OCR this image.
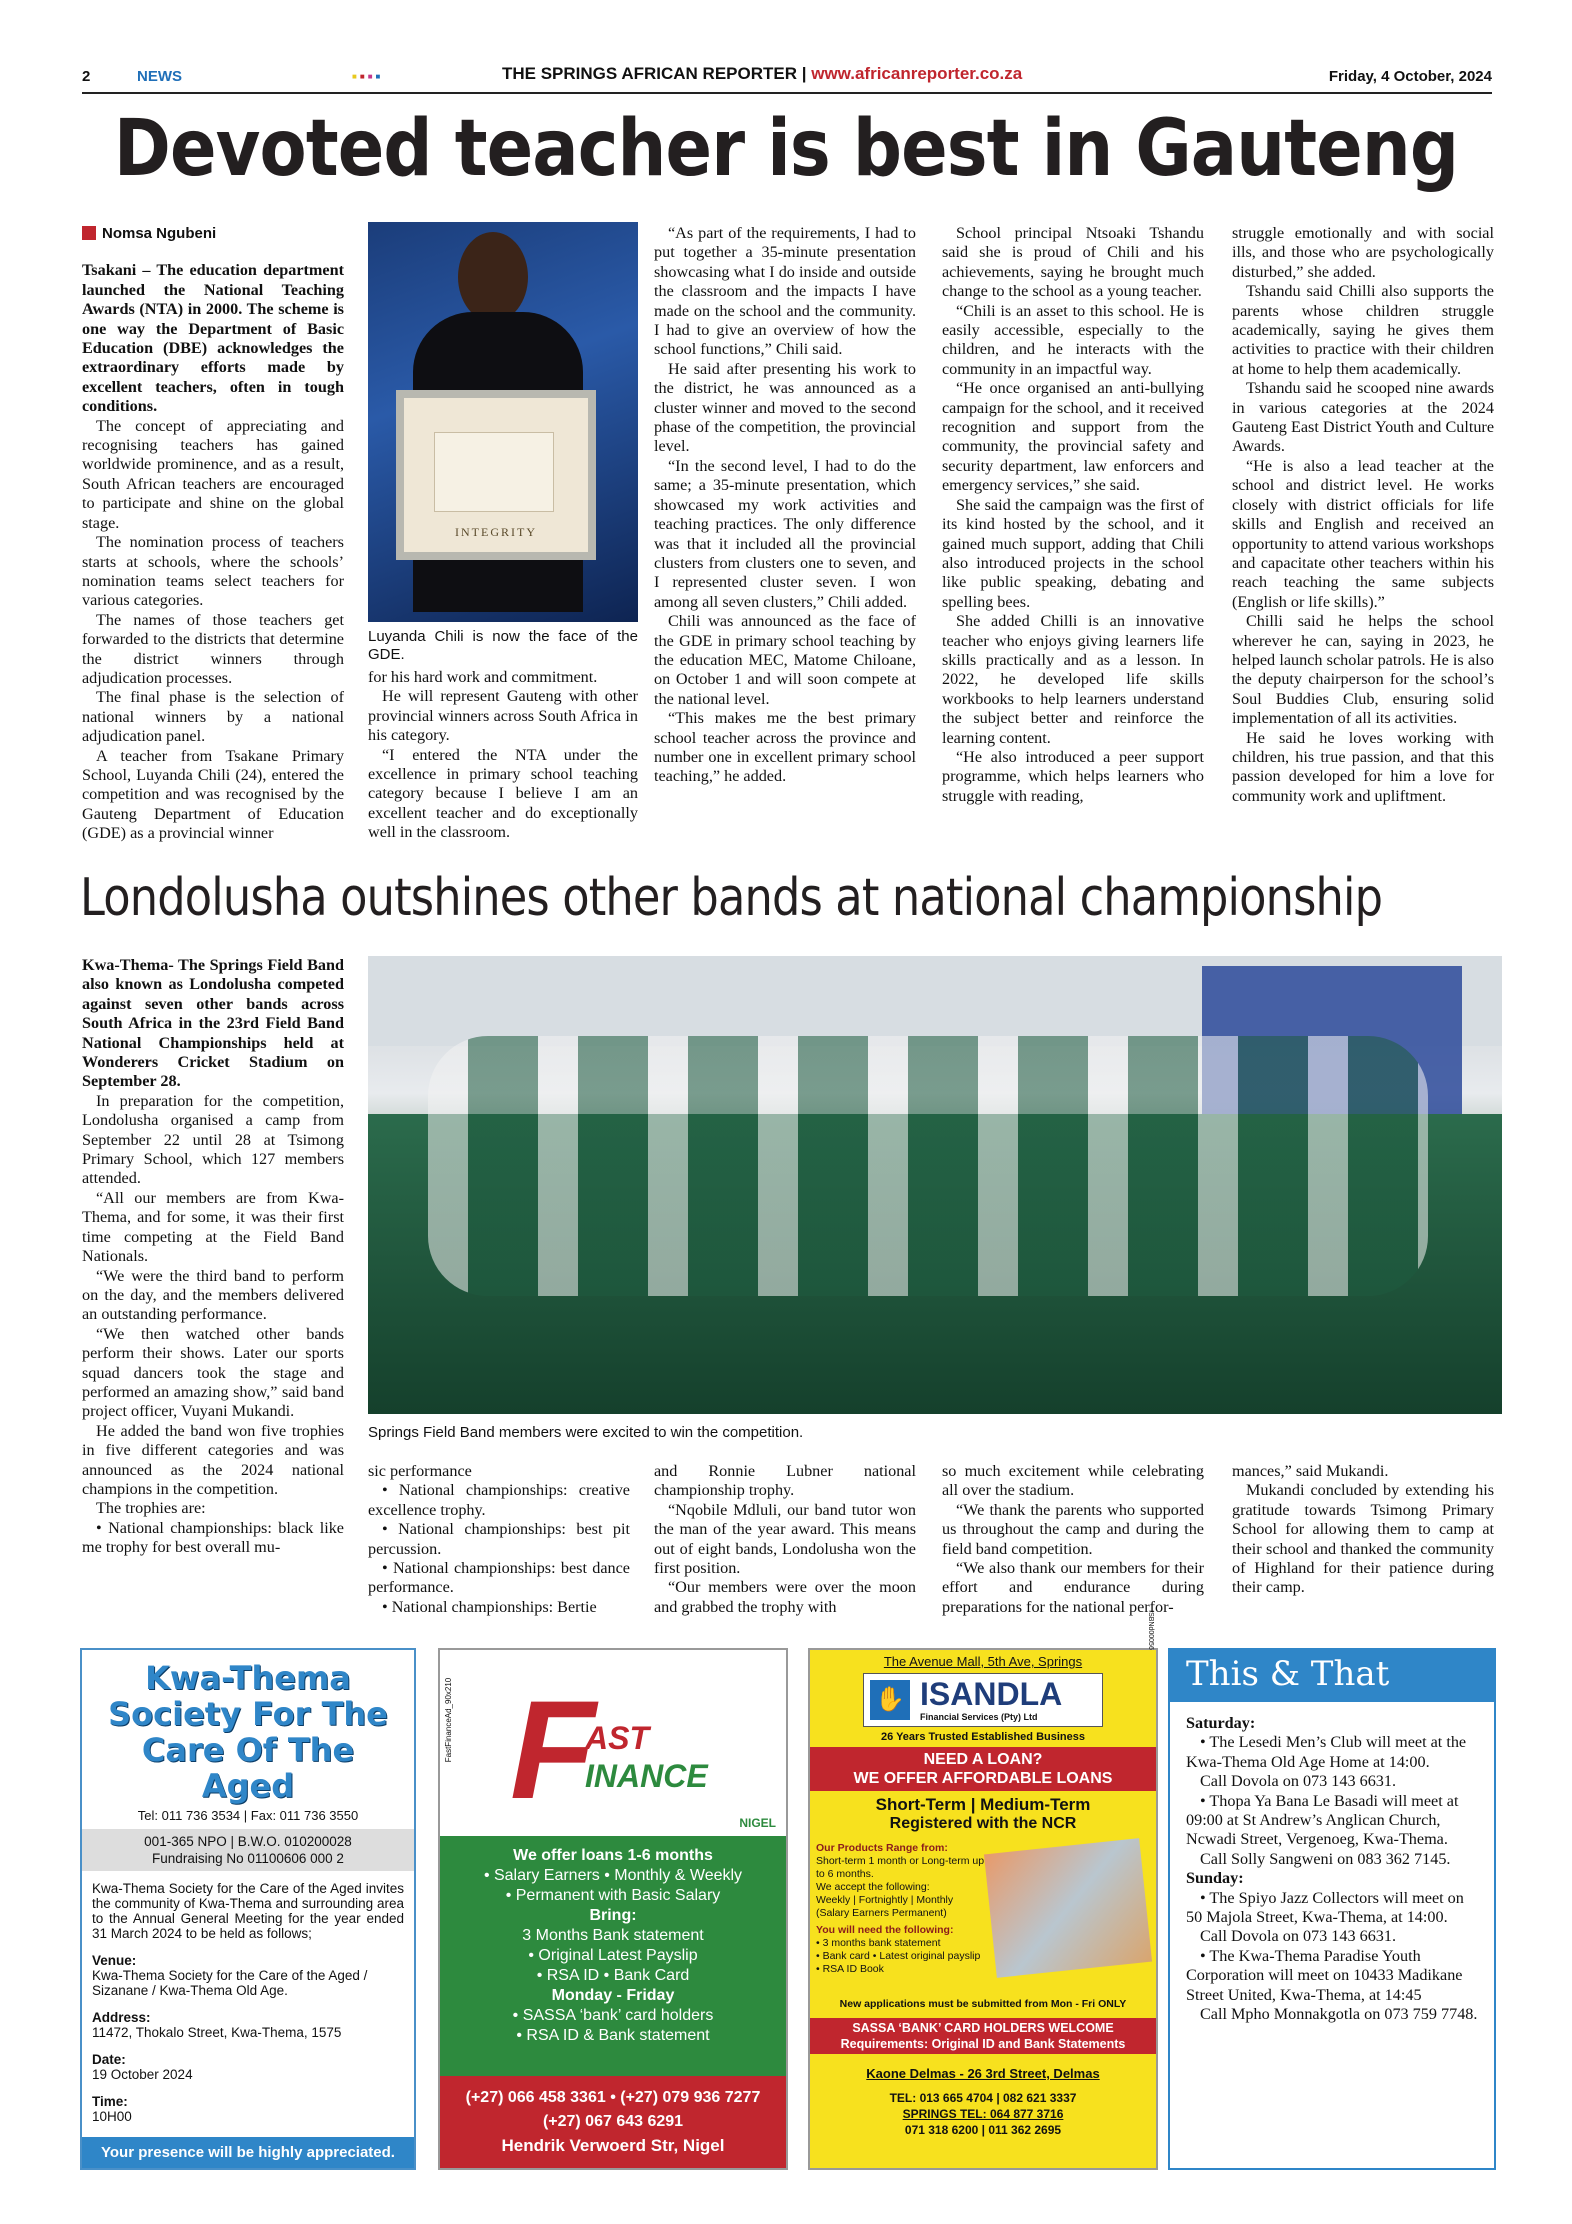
2	NEWS	■■■■	THE SPRINGS AFRICAN REPORTER | www.africanreporter.co.za	Friday, 4 October, 2024
Devoted teacher is best in Gauteng

Nomsa Ngubeni

Tsakani – The education department launched the National Teaching Awards (NTA) in 2000. The scheme is one way the Department of Basic Education (DBE) acknowledges the extraordinary efforts made by excellent teachers, often in tough conditions.

The concept of appreciating and recognising teachers has gained worldwide prominence, and as a result, South African teachers are encouraged to participate and shine on the global stage.

The nomination process of teachers starts at schools, where the schools’ nomination teams select teachers for various categories.

The names of those teachers get forwarded to the districts that determine the district winners through adjudication processes.

The final phase is the selection of national winners by a national adjudication panel.

A teacher from Tsakane Primary School, Luyanda Chili (24), entered the competition and was recognised by the Gauteng Department of Education (GDE) as a provincial winner

INTEGRITY

Luyanda Chili is now the face of the GDE.

for his hard work and commitment.

He will represent Gauteng with other provincial winners across South Africa in his category.

“I entered the NTA under the excellence in primary school teaching category because I believe I am an excellent teacher and do exceptionally well in the classroom.

“As part of the requirements, I had to put together a 35-minute presentation showcasing what I do inside and outside the classroom and the impacts I have made on the school and the community. I had to give an overview of how the school functions,” Chili said.

He said after presenting his work to the district, he was announced as a cluster winner and moved to the second phase of the competition, the provincial level.

“In the second level, I had to do the same; a 35-minute presentation, which showcased my work activities and teaching practices. The only difference was that it included all the provincial clusters from clusters one to seven, and I represented cluster seven. I won among all seven clusters,” Chili added.

Chili was announced as the face of the GDE in primary school teaching by the education MEC, Matome Chiloane, on October 1 and will soon compete at the national level.

“This makes me the best primary school teacher across the province and number one in excellent primary school teaching,” he added.

School principal Ntsoaki Tshandu said she is proud of Chili and his achievements, saying he brought much change to the school as a young teacher.

“Chili is an asset to this school. He is easily accessible, especially to the children, and he interacts with the community in an impactful way.

“He once organised an anti-bullying campaign for the school, and it received recognition and support from the community, the provincial safety and security department, law enforcers and emergency services,” she said.

She said the campaign was the first of its kind hosted by the school, and it gained much support, adding that Chili also introduced projects in the school like public speaking, debating and spelling bees.

She added Chilli is an innovative teacher who enjoys giving learners life skills practically and as a lesson. In 2022, he developed life skills workbooks to help learners understand the subject better and reinforce the learning content.

“He also introduced a peer support programme, which helps learners who struggle with reading,

struggle emotionally and with social ills, and those who are psychologically disturbed,” she added.

Tshandu said Chilli also supports the parents whose children struggle academically, saying he gives them activities to practice with their children at home to help them academically.

Tshandu said he scooped nine awards in various categories at the 2024 Gauteng East District Youth and Culture Awards.

“He is also a lead teacher at the school and district level. He works closely with district officials for life skills and English and received an opportunity to attend various workshops and capacitate other teachers within his reach teaching the same subjects (English or life skills).”

Chilli said he helps the school wherever he can, saying in 2023, he helped launch scholar patrols. He is also the deputy chairperson for the school’s Soul Buddies Club, ensuring solid implementation of all its activities.

He said he loves working with children, his true passion, and that this passion developed for him a love for community work and upliftment.

Londolusha outshines other bands at national championship

Kwa-Thema- The Springs Field Band also known as Londolusha competed against seven other bands across South Africa in the 23rd Field Band National Championships held at Wonderers Cricket Stadium on September 28.

In preparation for the competition, Londolusha organised a camp from September 22 until 28 at Tsimong Primary School, which 127 members attended.

“All our members are from Kwa-Thema, and for some, it was their first time competing at the Field Band Nationals.

“We were the third band to perform on the day, and the members delivered an outstanding performance.

“We then watched other bands perform their shows. Later our sports squad dancers took the stage and performed an amazing show,” said band project officer, Vuyani Mukandi.

He added the band won five trophies in five different categories and was announced as the 2024 national champions in the competition.

The trophies are:

• National championships: black like me trophy for best overall mu-

Springs Field Band members were excited to win the competition.

sic performance

• National championships: creative excellence trophy.

• National championships: best pit percussion.

• National championships: best dance performance.

• National championships: Bertie

and Ronnie Lubner national championship trophy.

“Nqobile Mdluli, our band tutor won the man of the year award. This means out of eight bands, Londolusha won the first position.

“Our members were over the moon and grabbed the trophy with

so much excitement while celebrating all over the stadium.

“We thank the parents who supported us throughout the camp and during the field band competition.

“We also thank our members for their effort and endurance during preparations for the national perfor-

mances,” said Mukandi.

Mukandi concluded by extending his gratitude towards Tsimong Primary School for allowing them to camp at their school and thanked the community of Highland for their patience during their camp.

Kwa-Thema Society For The Care Of The Aged
Tel: 011 736 3534 | Fax: 011 736 3550
001-365 NPO | B.W.O. 010200028
Fundraising No 01100606 000 2

Kwa-Thema Society for the Care of the Aged invites the community of Kwa-Thema and surrounding area to the Annual General Meeting for the year ended 31 March 2024 to be held as follows;

Venue:

Kwa-Thema Society for the Care of the Aged / Sizanane / Kwa-Thema Old Age.

Address:

11472, Thokalo Street, Kwa-Thema, 1575

Date:

19 October 2024

Time:

10H00

Your presence will be highly appreciated.
FastFinanceAd_90x210 F
AST
INANCE
NIGEL
We offer loans 1-6 months
• Salary Earners • Monthly & Weekly
• Permanent with Basic Salary
Bring:
3 Months Bank statement
• Original Latest Payslip
• RSA ID • Bank Card
Monday - Friday
• SASSA ‘bank’ card holders
• RSA ID & Bank statement
(+27) 066 458 3361 • (+27) 079 936 7277
(+27) 067 643 6291
Hendrik Verwoerd Str, Nigel
The Avenue Mall, 5th Ave, Springs
✋ ISANDLA
Financial Services (Pty) Ltd
ISBNd00056
26 Years Trusted Established Business
NEED A LOAN?
WE OFFER AFFORDABLE LOANS
Short-Term | Medium-Term
Registered with the NCR
Our Products Range from:
Short-term 1 month or Long-term up to 6 months.
We accept the following:
Weekly | Fortnightly | Monthly
(Salary Earners Permanent)
You will need the following:
• 3 months bank statement
• Bank card • Latest original payslip
• RSA ID Book
New applications must be submitted from Mon - Fri ONLY
SASSA ‘BANK’ CARD HOLDERS WELCOME
Requirements: Original ID and Bank Statements
Kaone Delmas - 26 3rd Street, Delmas
TEL: 013 665 4704 | 082 621 3337
SPRINGS TEL: 064 877 3716
071 318 6200 | 011 362 2695
This & That

Saturday:

• The Lesedi Men’s Club will meet at the Kwa-Thema Old Age Home at 14:00.

Call Dovola on 073 143 6631.

• Thopa Ya Bana Le Basadi will meet at 09:00 at St Andrew’s Anglican Church, Ncwadi Street, Vergenoeg, Kwa-Thema.

Call Solly Sangweni on 083 362 7145.

Sunday:

• The Spiyo Jazz Collectors will meet on 50 Majola Street, Kwa-Thema, at 14:00.

Call Dovola on 073 143 6631.

• The Kwa-Thema Paradise Youth Corporation will meet on 10433 Madikane Street United, Kwa-Thema, at 14:45

Call Mpho Monnakgotla on 073 759 7748.
